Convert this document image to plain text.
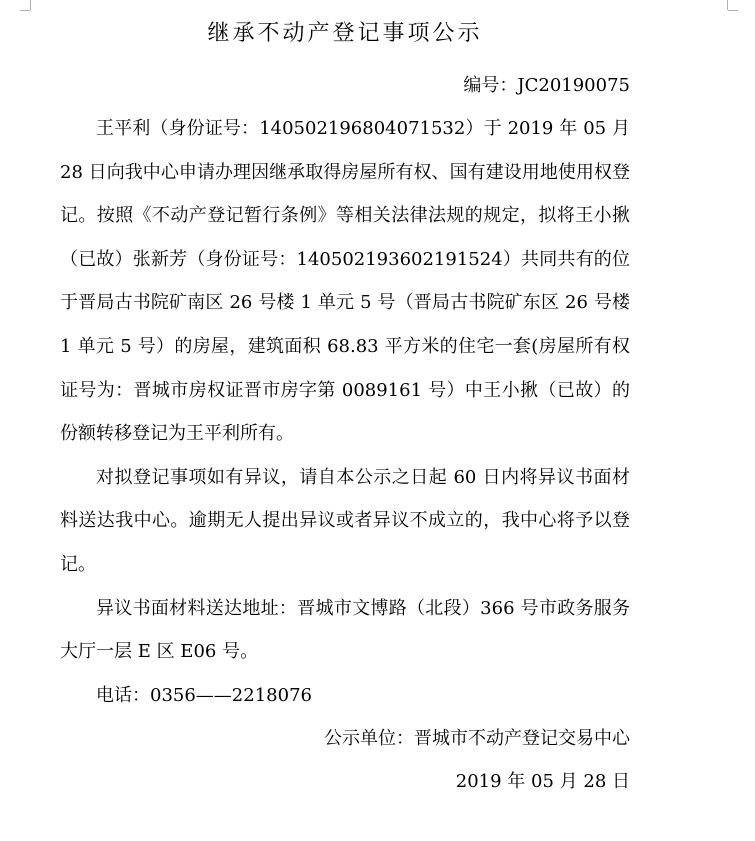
继承不动产登记事项公示

编号：JC20190075

王平利（身份证号：140502196804071532）于 2019 年 05 月 28 日向我中心申请办理因继承取得房屋所有权、国有建设用地使用权登记。按照《不动产登记暂行条例》等相关法律法规的规定，拟将王小揪（已故）张新芳（身份证号：140502193602191524）共同共有的位于晋局古书院矿南区 26 号楼 1 单元 5 号（晋局古书院矿东区 26 号楼 1 单元 5 号）的房屋，建筑面积 68.83 平方米的住宅一套(房屋所有权证号为：晋城市房权证晋市房字第 0089161 号）中王小揪（已故）的份额转移登记为王平利所有。

对拟登记事项如有异议，请自本公示之日起 60 日内将异议书面材料送达我中心。逾期无人提出异议或者异议不成立的，我中心将予以登记。

异议书面材料送达地址：晋城市文博路（北段）366 号市政务服务大厅一层 E 区 E06 号。

电话：0356——2218076

公示单位：晋城市不动产登记交易中心

2019 年 05 月 28 日
